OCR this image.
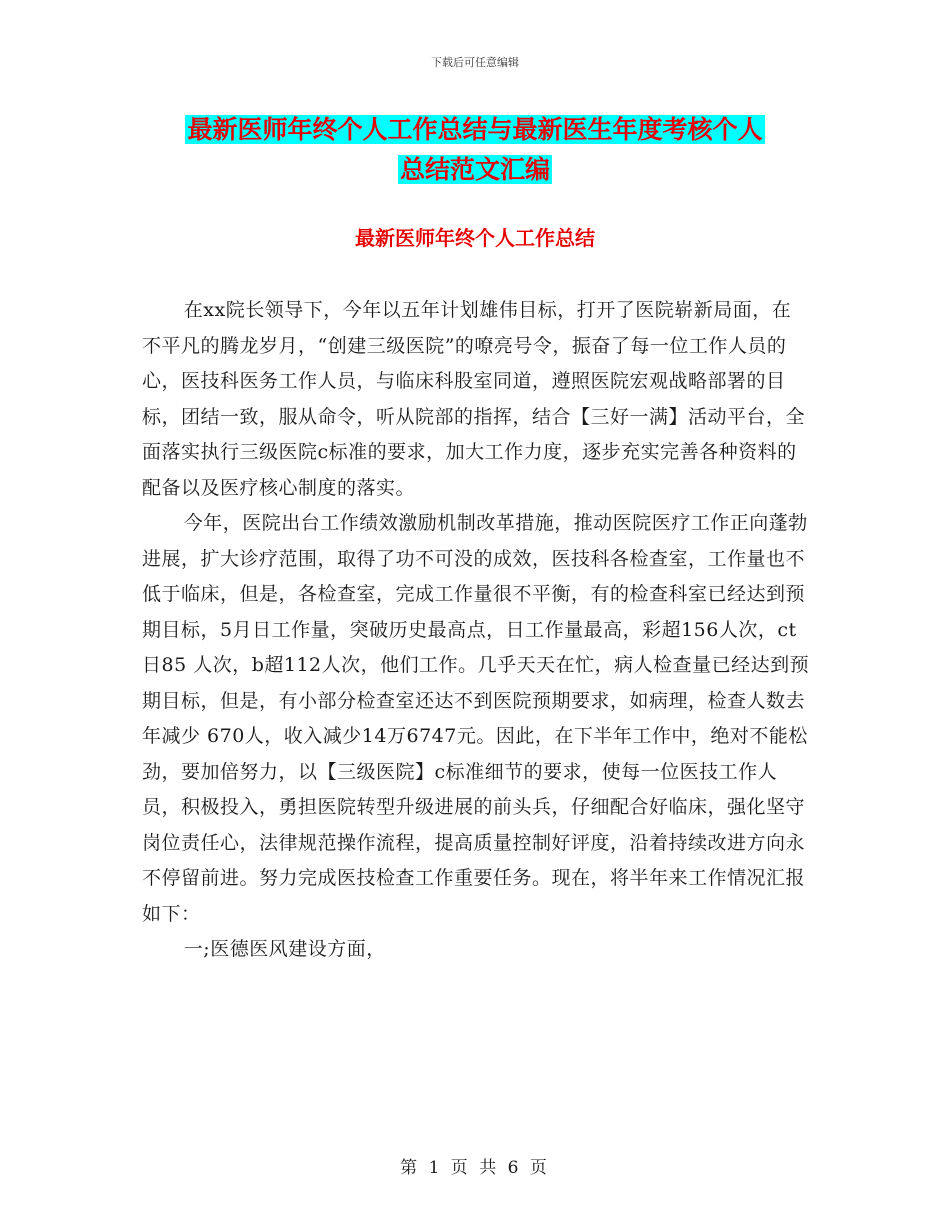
下载后可任意编辑
最新医师年终个人工作总结与最新医生年度考核个人
总结范文汇编
最新医师年终个人工作总结

在xx院长领导下，今年以五年计划雄伟目标，打开了医院崭新局面，在不平凡的腾龙岁月，“创建三级医院”的嘹亮号令，振奋了每一位工作人员的心，医技科医务工作人员，与临床科股室同道，遵照医院宏观战略部署的目标，团结一致，服从命令，听从院部的指挥，结合【三好一满】活动平台，全面落实执行三级医院c标准的要求，加大工作力度，逐步充实完善各种资料的配备以及医疗核心制度的落实。

今年，医院出台工作绩效激励机制改革措施，推动医院医疗工作正向蓬勃进展，扩大诊疗范围，取得了功不可没的成效，医技科各检查室，工作量也不低于临床，但是，各检查室，完成工作量很不平衡，有的检查科室已经达到预期目标，5月日工作量，突破历史最高点，日工作量最高，彩超156人次，ct日85 人次，b超112人次，他们工作。几乎天天在忙，病人检查量已经达到预期目标，但是，有小部分检查室还达不到医院预期要求，如病理，检查人数去年减少 670人，收入减少14万6747元。因此，在下半年工作中，绝对不能松劲，要加倍努力，以【三级医院】c标准细节的要求，使每一位医技工作人员，积极投入，勇担医院转型升级进展的前头兵，仔细配合好临床，强化坚守岗位责任心，法律规范操作流程，提高质量控制好评度，沿着持续改进方向永不停留前进。努力完成医技检查工作重要任务。现在，将半年来工作情况汇报如下：

一;医德医风建设方面，

第 1 页 共 6 页
